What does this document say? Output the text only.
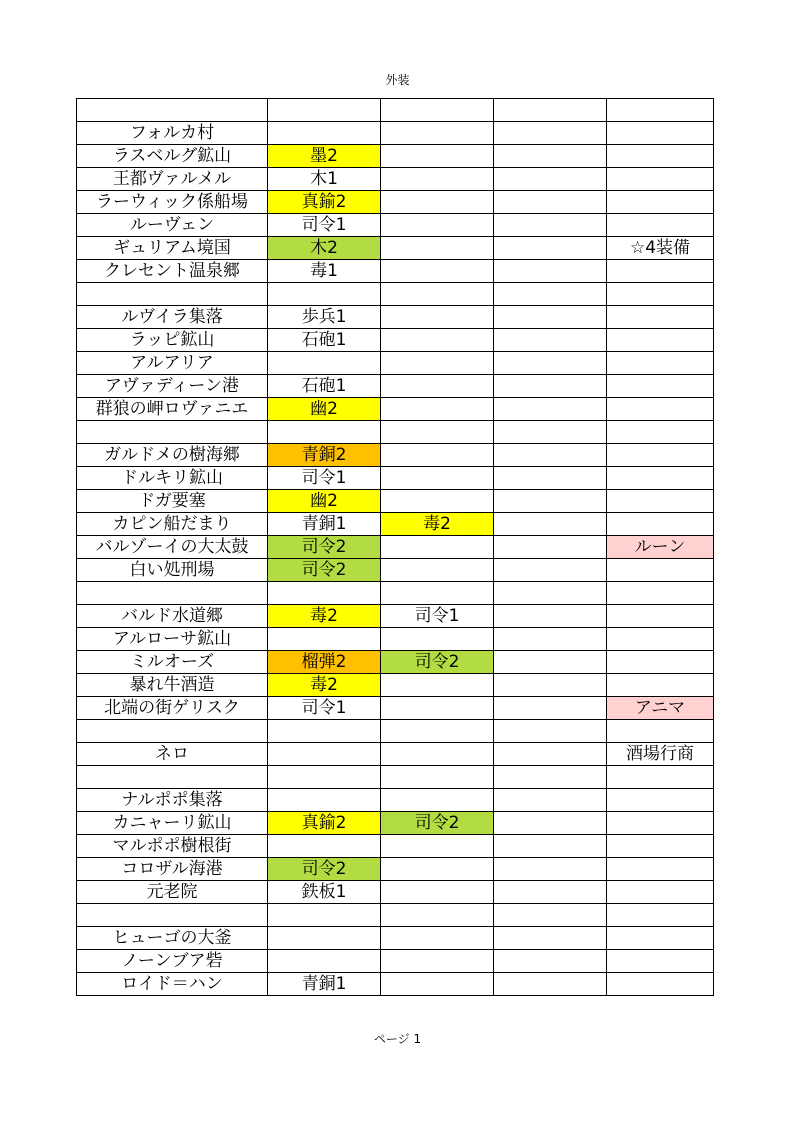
外装

フォルカ村				
ラスベルグ鉱山	墨2			
王都ヴァルメル	木1			
ラーウィック係船場	真鍮2			
ルーヴェン	司令1			
ギュリアム境国	木2			☆4装備
クレセント温泉郷	毒1			

ルヴイラ集落	歩兵1			
ラッピ鉱山	石砲1			
アルアリア				
アヴァディーン港	石砲1			
群狼の岬ロヴァニエ	幽2			

ガルドメの樹海郷	青銅2			
ドルキリ鉱山	司令1			
ドガ要塞	幽2			
カピン船だまり	青銅1	毒2		
バルゾーイの大太鼓	司令2			ルーン
白い処刑場	司令2			

バルド水道郷	毒2	司令1		
アルローサ鉱山				
ミルオーズ	榴弾2	司令2		
暴れ牛酒造	毒2			
北端の街ゲリスク	司令1			アニマ

ネロ				酒場行商

ナルポポ集落				
カニャーリ鉱山	真鍮2	司令2		
マルポポ樹根街				
コロザル海港	司令2			
元老院	鉄板1			

ヒューゴの大釜				
ノーンブア砦				
ロイド＝ハン	青銅1			
ページ 1
